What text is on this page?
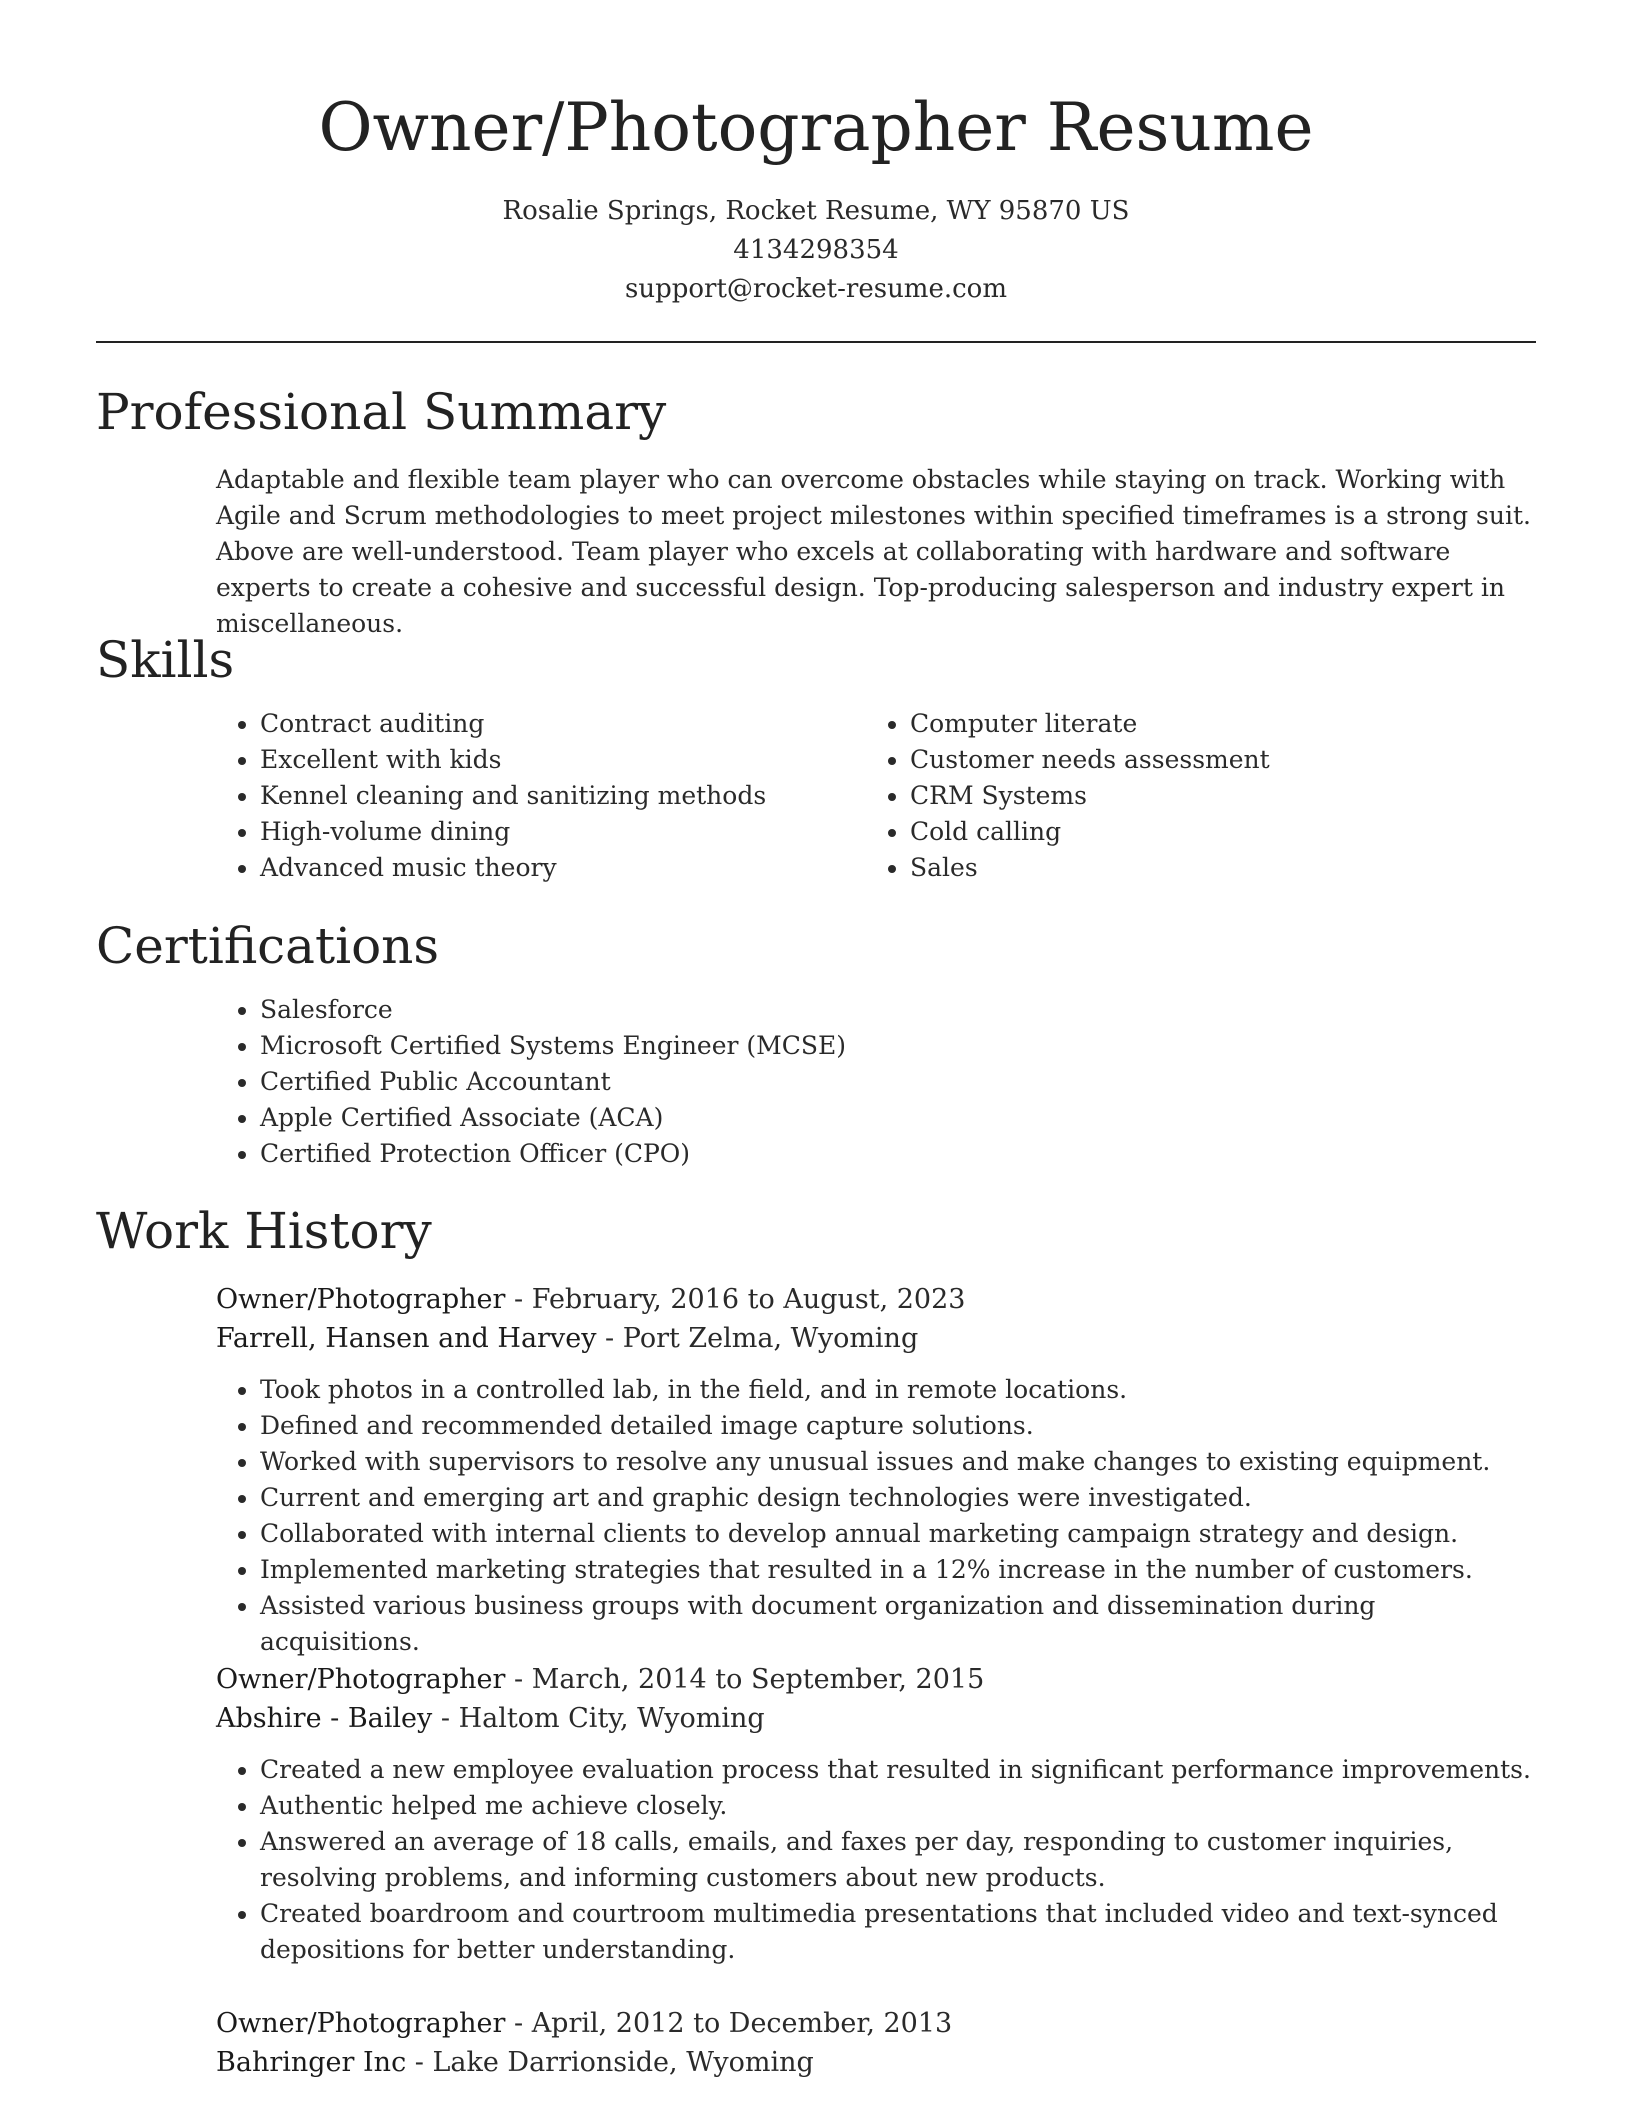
Owner/Photographer Resume
Rosalie Springs, Rocket Resume, WY 95870 US
4134298354
support@rocket-resume.com
Professional Summary

Adaptable and flexible team player who can overcome obstacles while staying on track. Working with Agile and Scrum methodologies to meet project milestones within specified timeframes is a strong suit. Above are well-understood. Team player who excels at collaborating with hardware and software experts to create a cohesive and successful design. Top-producing salesperson and industry expert in miscellaneous.

Skills
• Contract auditing
• Excellent with kids
• Kennel cleaning and sanitizing methods
• High-volume dining
• Advanced music theory
• Computer literate
• Customer needs assessment
• CRM Systems
• Cold calling
• Sales
Certifications
• Salesforce
• Microsoft Certified Systems Engineer (MCSE)
• Certified Public Accountant
• Apple Certified Associate (ACA)
• Certified Protection Officer (CPO)
Work History
Owner/Photographer - February, 2016 to August, 2023
Farrell, Hansen and Harvey - Port Zelma, Wyoming
• Took photos in a controlled lab, in the field, and in remote locations.
• Defined and recommended detailed image capture solutions.
• Worked with supervisors to resolve any unusual issues and make changes to existing equipment.
• Current and emerging art and graphic design technologies were investigated.
• Collaborated with internal clients to develop annual marketing campaign strategy and design.
• Implemented marketing strategies that resulted in a 12% increase in the number of customers.
• Assisted various business groups with document organization and dissemination during acquisitions.
Owner/Photographer - March, 2014 to September, 2015
Abshire - Bailey - Haltom City, Wyoming
• Created a new employee evaluation process that resulted in significant performance improvements.
• Authentic helped me achieve closely.
• Answered an average of 18 calls, emails, and faxes per day, responding to customer inquiries, resolving problems, and informing customers about new products.
• Created boardroom and courtroom multimedia presentations that included video and text-synced depositions for better understanding.
Owner/Photographer - April, 2012 to December, 2013
Bahringer Inc - Lake Darrionside, Wyoming
